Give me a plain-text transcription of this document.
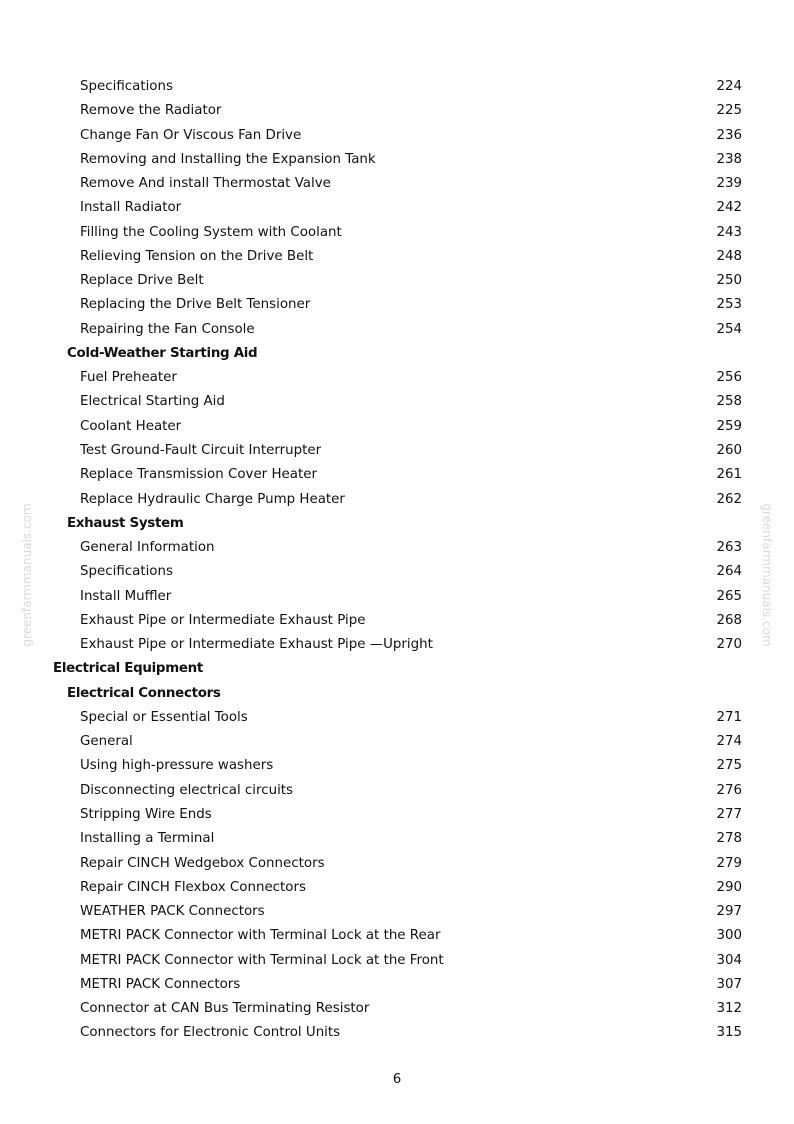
Specifications	224
Remove the Radiator	225
Change Fan Or Viscous Fan Drive	236
Removing and Installing the Expansion Tank	238
Remove And install Thermostat Valve	239
Install Radiator	242
Filling the Cooling System with Coolant	243
Relieving Tension on the Drive Belt	248
Replace Drive Belt	250
Replacing the Drive Belt Tensioner	253
Repairing the Fan Console	254
Cold-Weather Starting Aid
Fuel Preheater	256
Electrical Starting Aid	258
Coolant Heater	259
Test Ground-Fault Circuit Interrupter	260
Replace Transmission Cover Heater	261
Replace Hydraulic Charge Pump Heater	262
Exhaust System
General Information	263
Specifications	264
Install Muffler	265
Exhaust Pipe or Intermediate Exhaust Pipe	268
Exhaust Pipe or Intermediate Exhaust Pipe —Upright	270
Electrical Equipment
Electrical Connectors
Special or Essential Tools	271
General	274
Using high-pressure washers	275
Disconnecting electrical circuits	276
Stripping Wire Ends	277
Installing a Terminal	278
Repair CINCH Wedgebox Connectors	279
Repair CINCH Flexbox Connectors	290
WEATHER PACK Connectors	297
METRI PACK Connector with Terminal Lock at the Rear	300
METRI PACK Connector with Terminal Lock at the Front	304
METRI PACK Connectors	307
Connector at CAN Bus Terminating Resistor	312
Connectors for Electronic Control Units	315
greenfarmmanuals.com	greenfarmmanuals.com
6
